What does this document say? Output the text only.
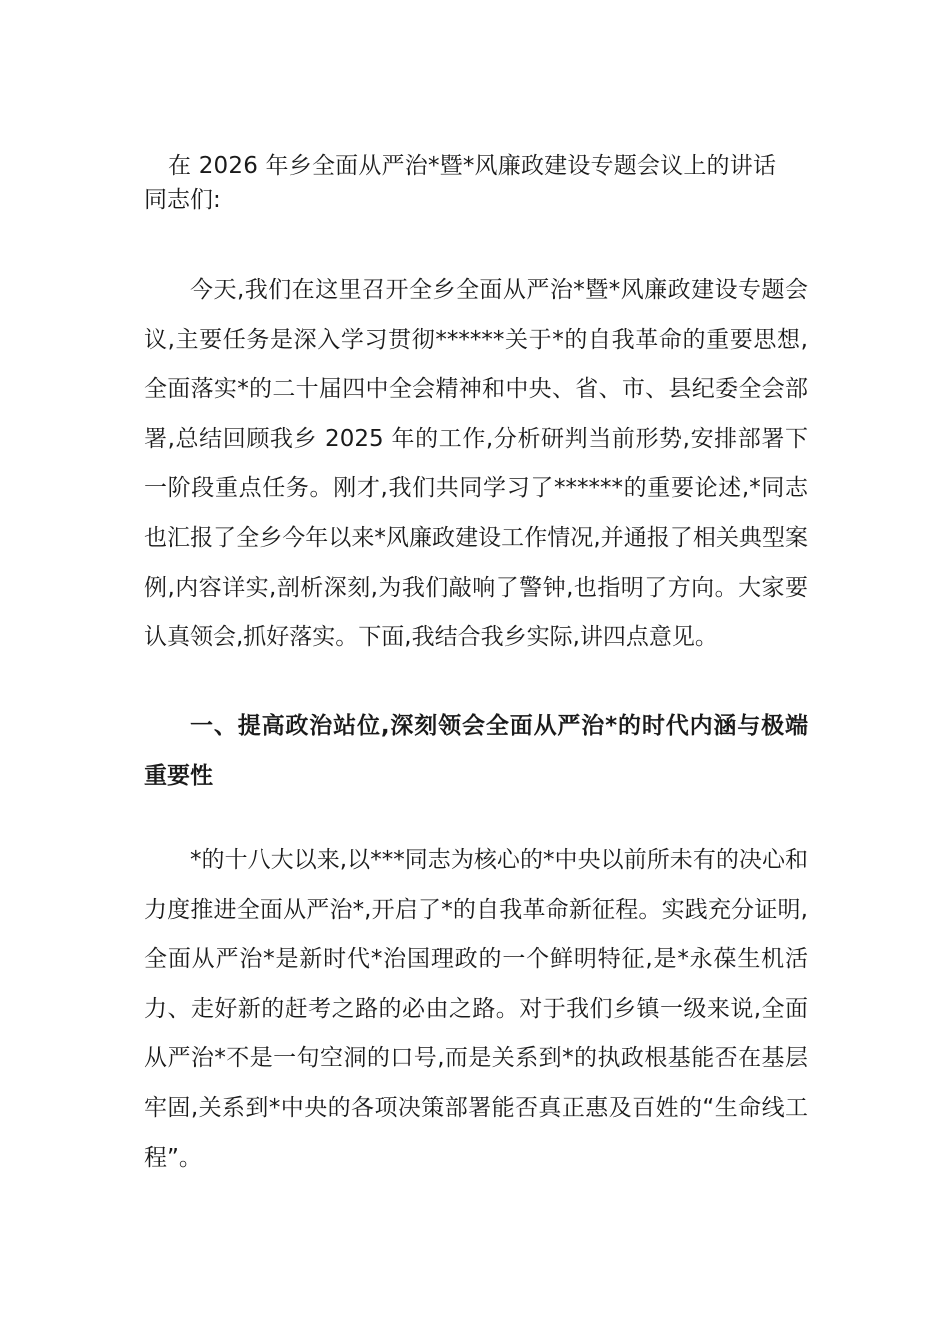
在 2026 年乡全面从严治*暨*风廉政建设专题会议上的讲话
同志们:

今天,我们在这里召开全乡全面从严治*暨*风廉政建设专题会议,主要任务是深入学习贯彻******关于*的自我革命的重要思想,全面落实*的二十届四中全会精神和中央、省、市、县纪委全会部署,总结回顾我乡 2025 年的工作,分析研判当前形势,安排部署下一阶段重点任务。刚才,我们共同学习了******的重要论述,*同志也汇报了全乡今年以来*风廉政建设工作情况,并通报了相关典型案例,内容详实,剖析深刻,为我们敲响了警钟,也指明了方向。大家要认真领会,抓好落实。下面,我结合我乡实际,讲四点意见。

一、提高政治站位,深刻领会全面从严治*的时代内涵与极端重要性

*的十八大以来,以***同志为核心的*中央以前所未有的决心和力度推进全面从严治*,开启了*的自我革命新征程。实践充分证明,全面从严治*是新时代*治国理政的一个鲜明特征,是*永葆生机活力、走好新的赶考之路的必由之路。对于我们乡镇一级来说,全面从严治*不是一句空洞的口号,而是关系到*的执政根基能否在基层牢固,关系到*中央的各项决策部署能否真正惠及百姓的“生命线工程”。
